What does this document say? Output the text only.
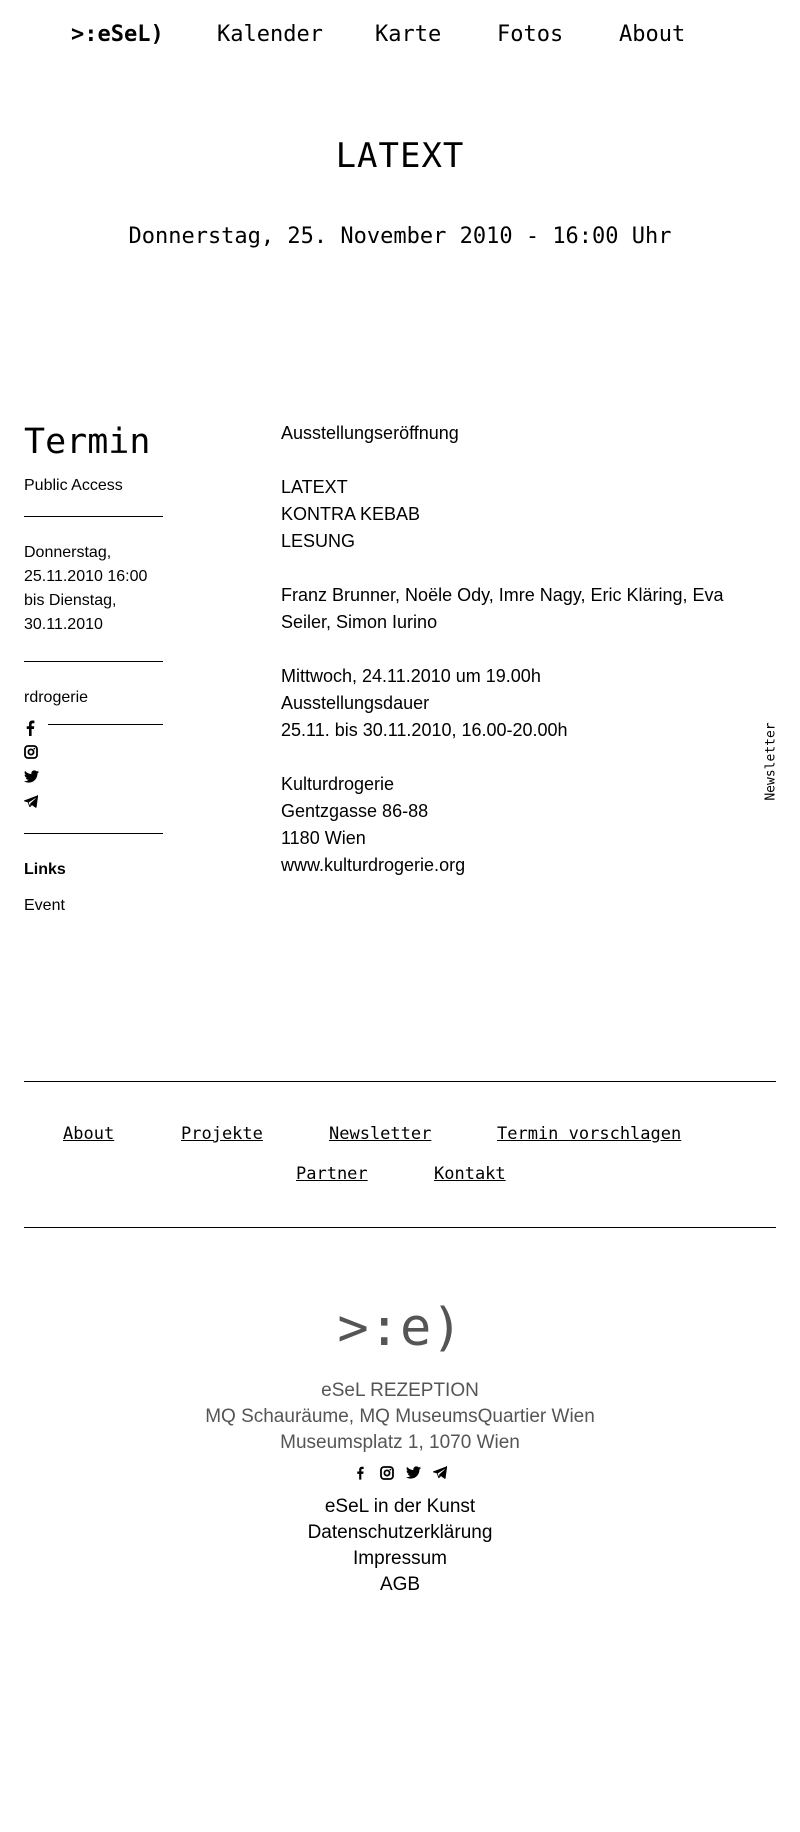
>:eSeL) Kalender Karte	Fotos	About
LATEXT
Donnerstag, 25. November 2010 - 16:00 Uhr
Termin
Public Access
Donnerstag,
25.11.2010 16:00
bis Dienstag,
30.11.2010
rdrogerie
Links
Event

Ausstellungseröffnung

LATEXT
KONTRA KEBAB
LESUNG

Franz Brunner, Noële Ody, Imre Nagy, Eric Kläring, Eva Seiler, Simon Iurino

Mittwoch, 24.11.2010 um 19.00h
Ausstellungsdauer
25.11. bis 30.11.2010, 16.00-20.00h

Kulturdrogerie
Gentzgasse 86-88
1180 Wien
www.kulturdrogerie.org

Newsletter
About	Projekte	Newsletter	Termin vorschlagen
Partner	Kontakt
>:e)
eSeL REZEPTION
MQ Schauräume, MQ MuseumsQuartier Wien
Museumsplatz 1, 1070 Wien

eSeL in der Kunst
Datenschutzerklärung
Impressum
AGB
